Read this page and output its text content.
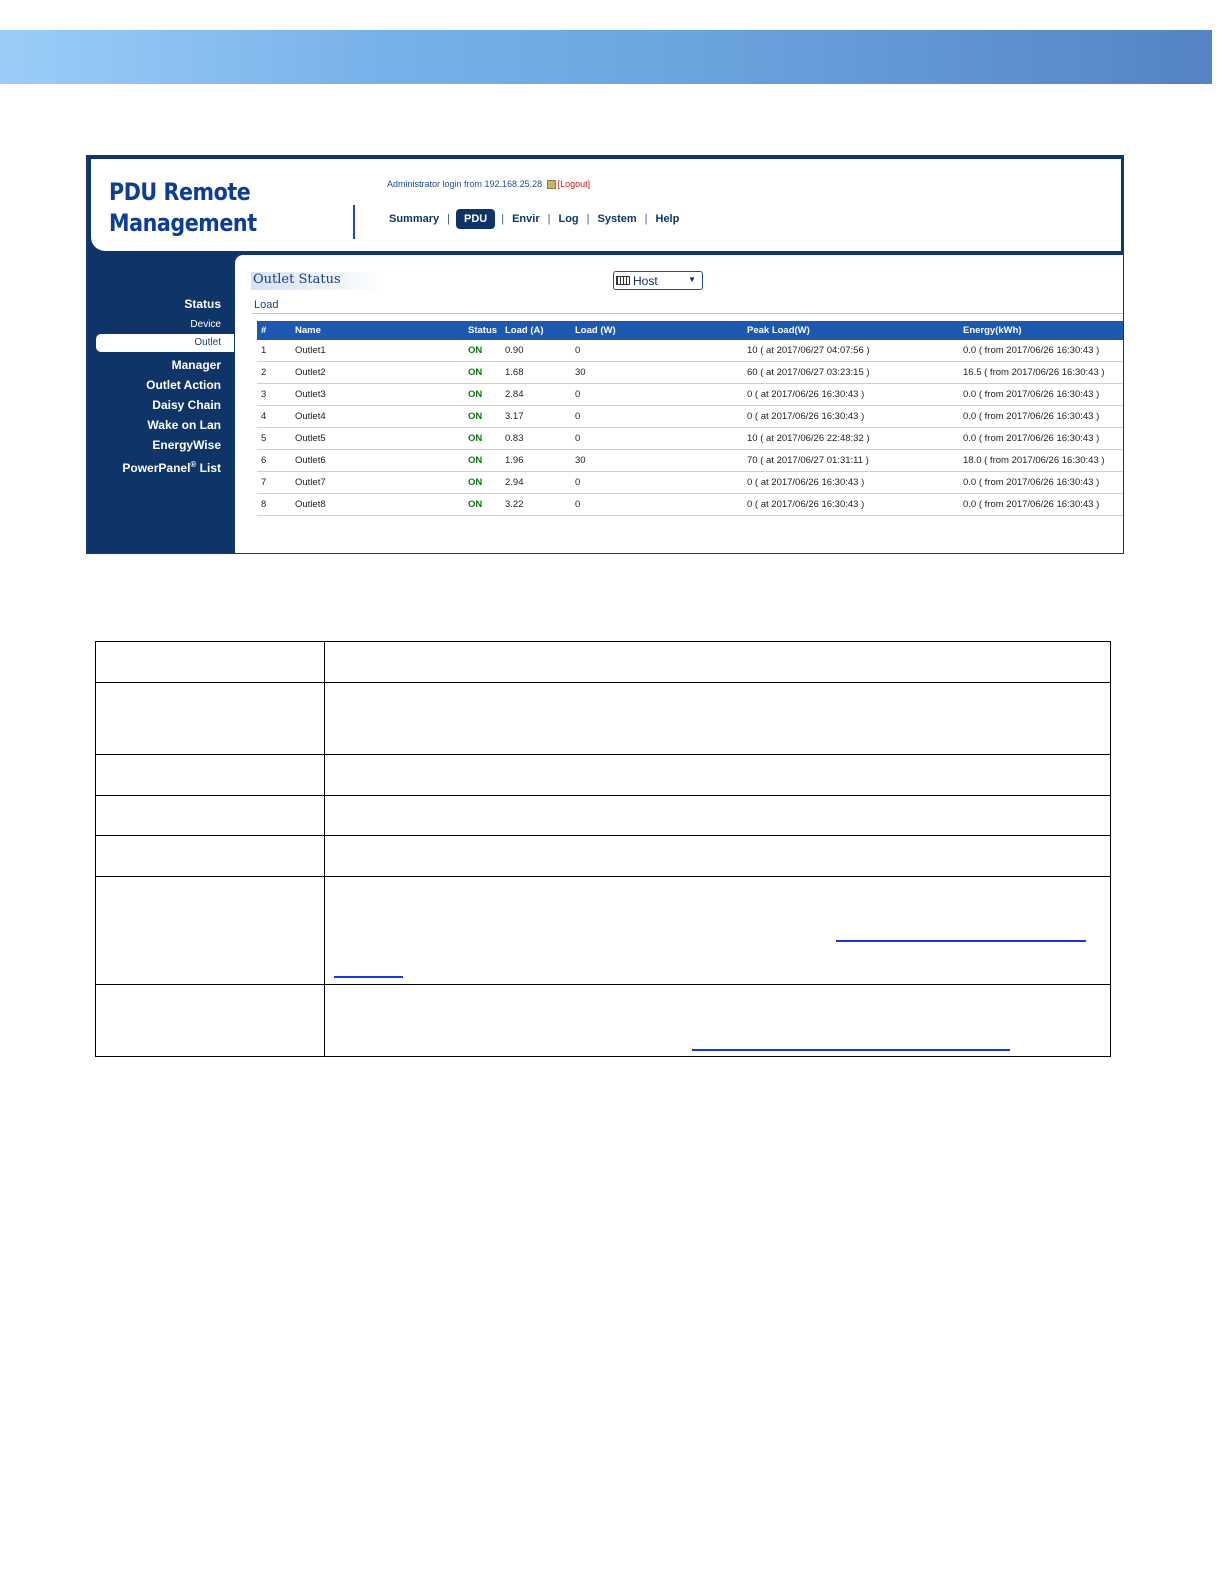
PDU Remote
Management
Administrator login from 192.168.25.28 [Logout]
Summary |	PDU	| Envir | Log | System | Help
Status
Device
Outlet
Manager
Outlet Action
Daisy Chain
Wake on Lan
EnergyWise
PowerPanel® List
Outlet Status	Host	▼
Load
#	Name	Status	Load (A)	Load (W)	Peak Load(W)	Energy(kWh)
1	Outlet1	ON	0.90	0	10 ( at 2017/06/27 04:07:56 )	0.0 ( from 2017/06/26 16:30:43 )
2	Outlet2	ON	1.68	30	60 ( at 2017/06/27 03:23:15 )	16.5 ( from 2017/06/26 16:30:43 )
3	Outlet3	ON	2.84	0	0 ( at 2017/06/26 16:30:43 )	0.0 ( from 2017/06/26 16:30:43 )
4	Outlet4	ON	3.17	0	0 ( at 2017/06/26 16:30:43 )	0.0 ( from 2017/06/26 16:30:43 )
5	Outlet5	ON	0.83	0	10 ( at 2017/06/26 22:48:32 )	0.0 ( from 2017/06/26 16:30:43 )
6	Outlet6	ON	1.96	30	70 ( at 2017/06/27 01:31:11 )	18.0 ( from 2017/06/26 16:30:43 )
7	Outlet7	ON	2.94	0	0 ( at 2017/06/26 16:30:43 )	0.0 ( from 2017/06/26 16:30:43 )
8	Outlet8	ON	3.22	0	0 ( at 2017/06/26 16:30:43 )	0.0 ( from 2017/06/26 16:30:43 )
